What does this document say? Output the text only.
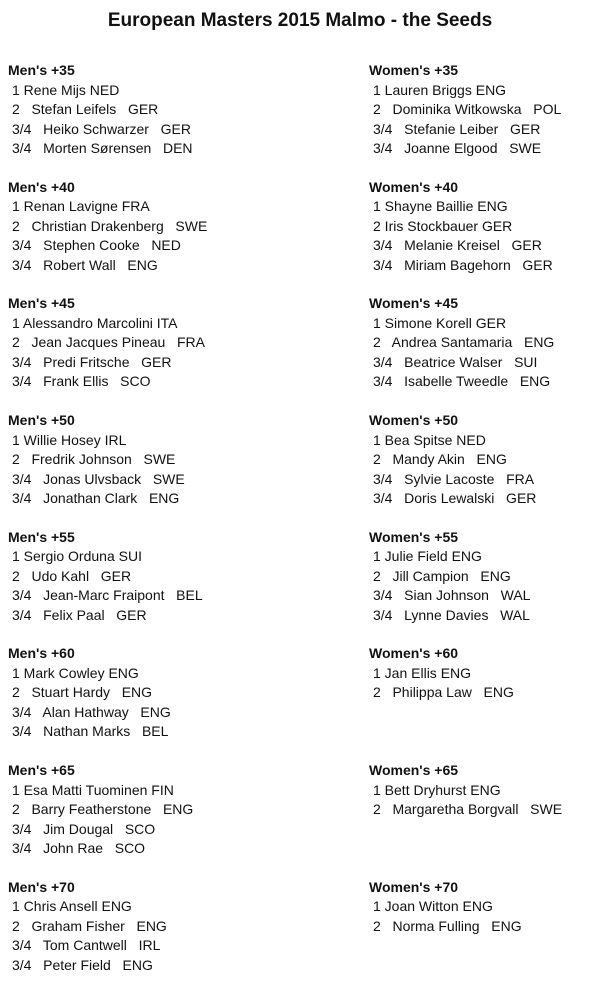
European Masters 2015 Malmo - the Seeds
Men's +35
1 Rene Mijs NED
2   Stefan Leifels   GER
3/4   Heiko Schwarzer   GER
3/4   Morten Sørensen   DEN
Men's +40
1 Renan Lavigne FRA
2   Christian Drakenberg   SWE
3/4   Stephen Cooke   NED
3/4   Robert Wall   ENG
Men's +45
1 Alessandro Marcolini ITA
2   Jean Jacques Pineau   FRA
3/4   Predi Fritsche   GER
3/4   Frank Ellis   SCO
Men's +50
1 Willie Hosey IRL
2   Fredrik Johnson   SWE
3/4   Jonas Ulvsback   SWE
3/4   Jonathan Clark   ENG
Men's +55
1 Sergio Orduna SUI
2   Udo Kahl   GER
3/4   Jean-Marc Fraipont   BEL
3/4   Felix Paal   GER
Men's +60
1 Mark Cowley ENG
2   Stuart Hardy   ENG
3/4   Alan Hathway   ENG
3/4   Nathan Marks   BEL
Men's +65
1 Esa Matti Tuominen FIN
2   Barry Featherstone   ENG
3/4   Jim Dougal   SCO
3/4   John Rae   SCO
Men's +70
1 Chris Ansell ENG
2   Graham Fisher   ENG
3/4   Tom Cantwell   IRL
3/4   Peter Field   ENG
Women's +35
1 Lauren Briggs ENG
2   Dominika Witkowska   POL
3/4   Stefanie Leiber   GER
3/4   Joanne Elgood   SWE
Women's +40
1 Shayne Baillie ENG
2 Iris Stockbauer GER
3/4   Melanie Kreisel   GER
3/4   Miriam Bagehorn   GER
Women's +45
1 Simone Korell GER
2   Andrea Santamaria   ENG
3/4   Beatrice Walser   SUI
3/4   Isabelle Tweedle   ENG
Women's +50
1 Bea Spitse NED
2   Mandy Akin   ENG
3/4   Sylvie Lacoste   FRA
3/4   Doris Lewalski   GER
Women's +55
1 Julie Field ENG
2   Jill Campion   ENG
3/4   Sian Johnson   WAL
3/4   Lynne Davies   WAL
Women's +60
1 Jan Ellis ENG
2   Philippa Law   ENG
Women's +65
1 Bett Dryhurst ENG
2   Margaretha Borgvall   SWE
Women's +70
1 Joan Witton ENG
2   Norma Fulling   ENG
